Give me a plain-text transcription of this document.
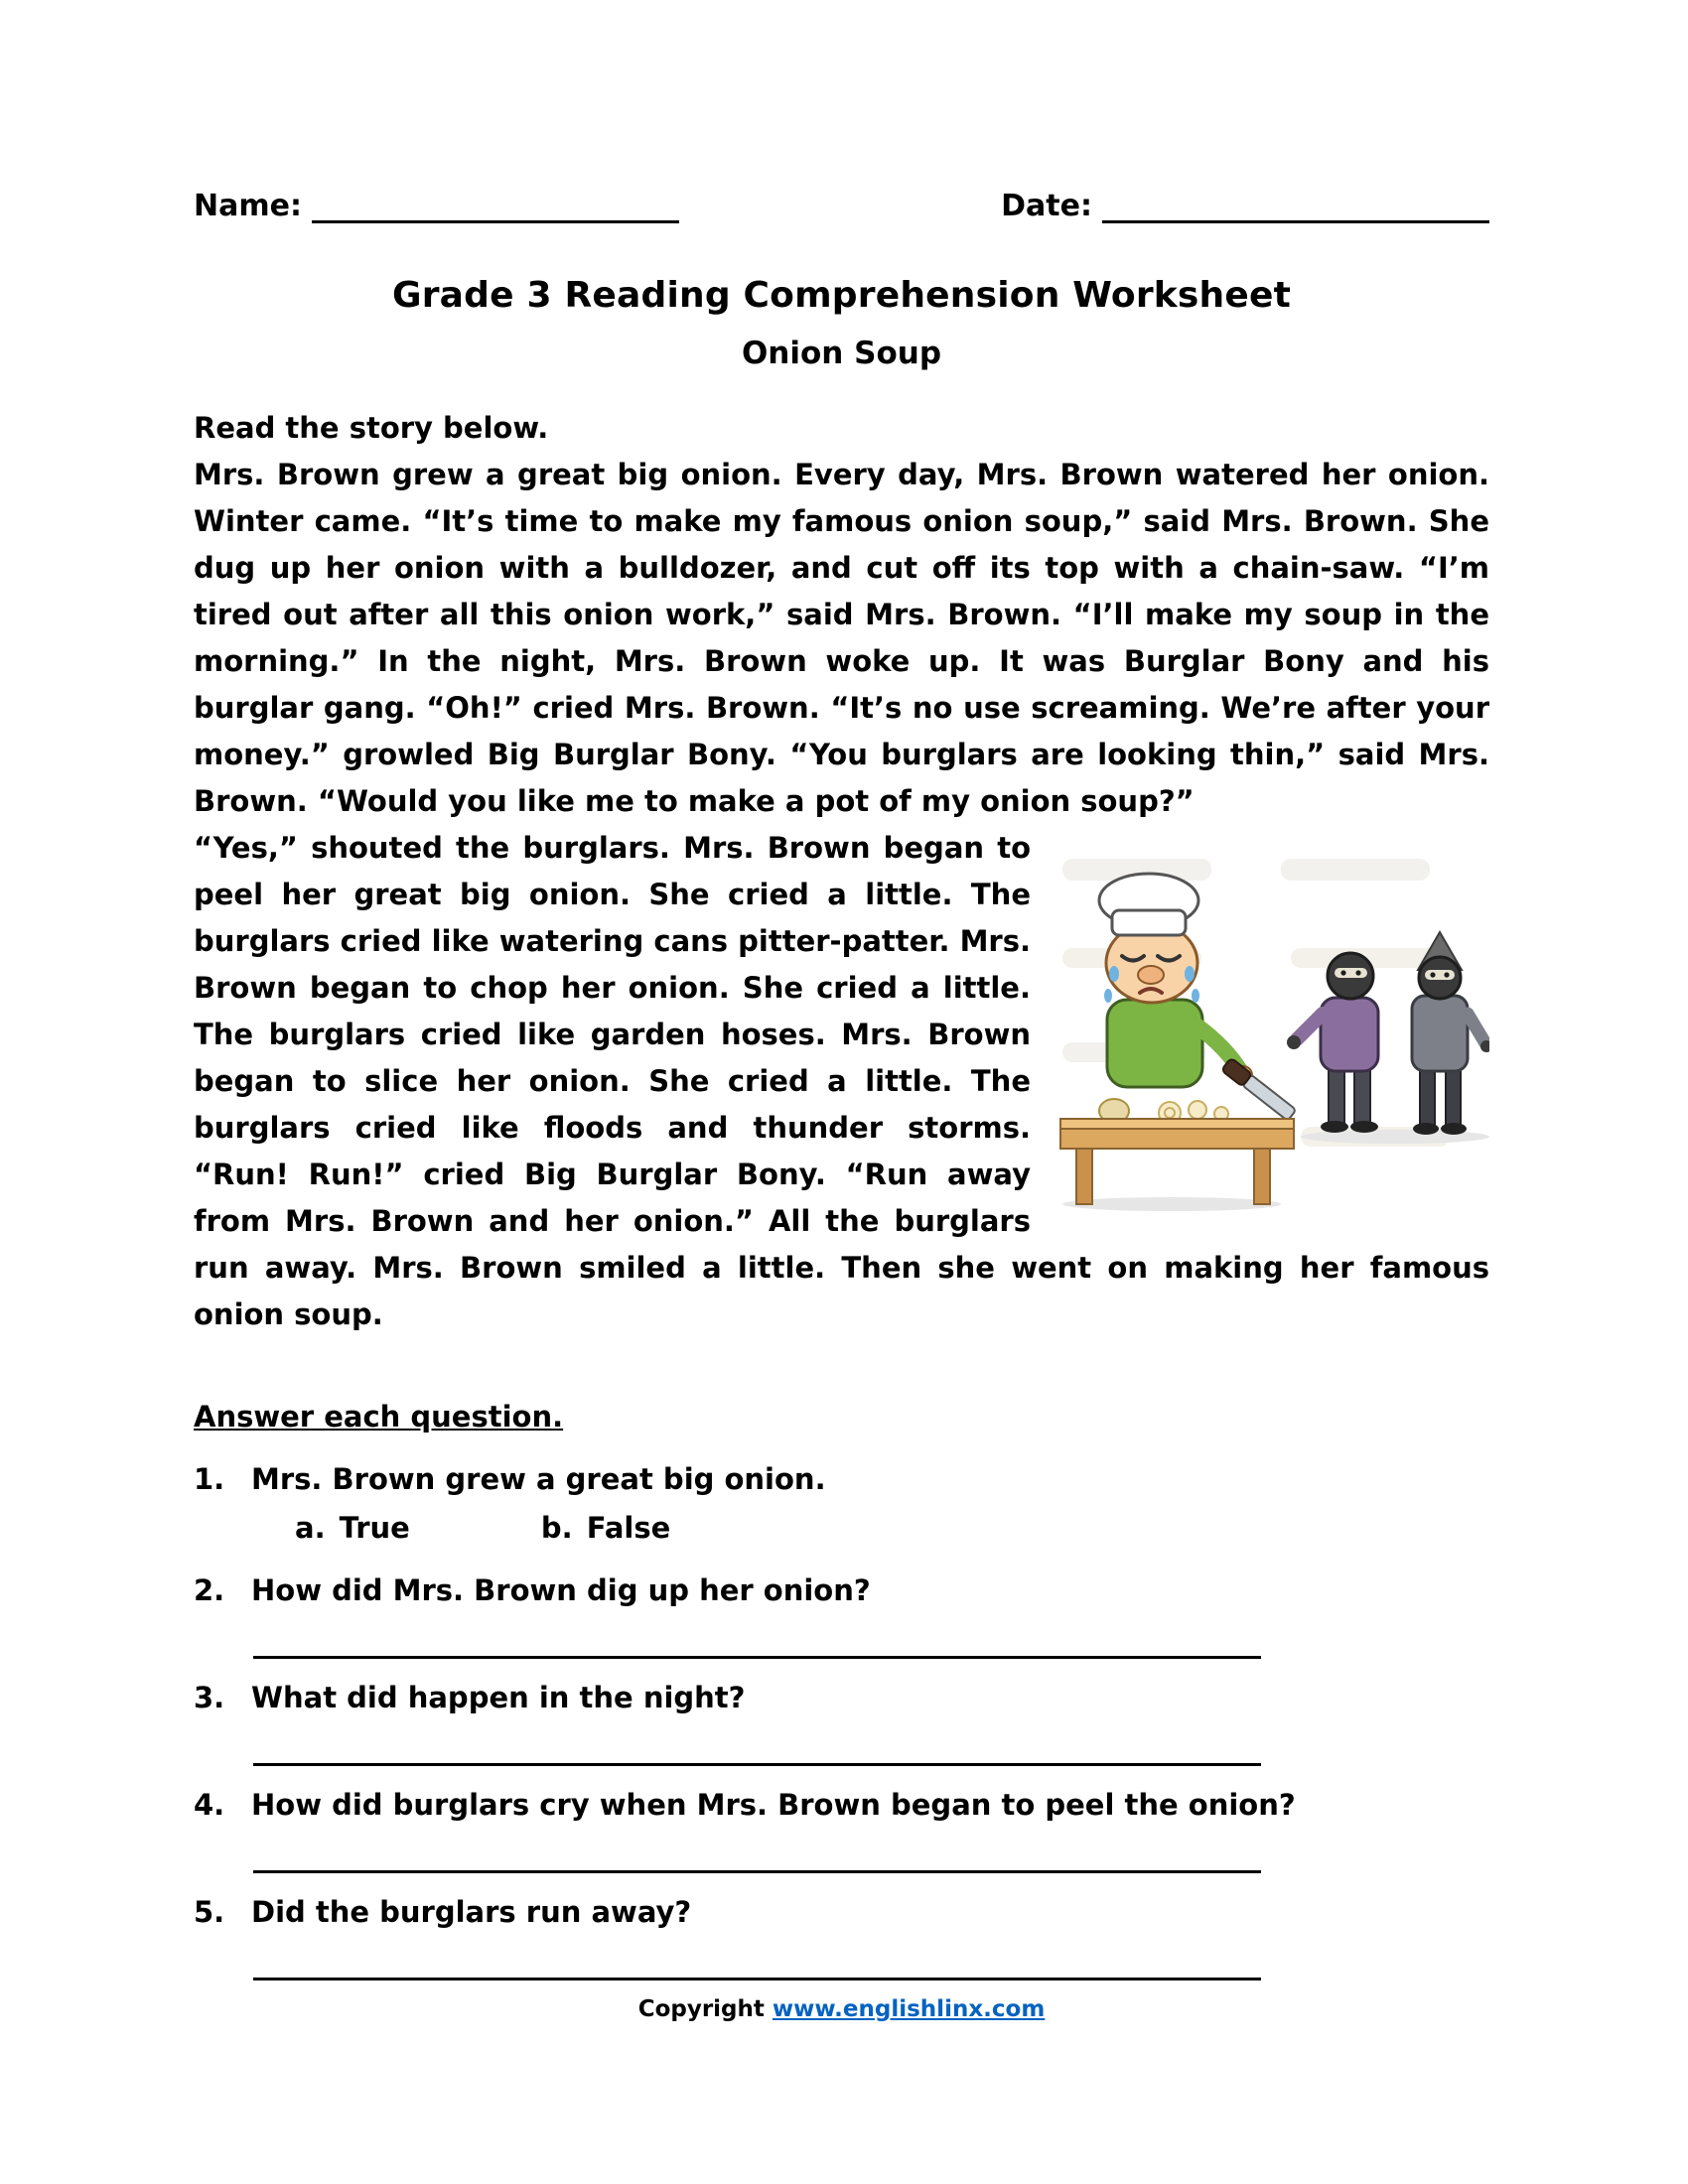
Name:	Date:
Grade 3 Reading Comprehension Worksheet
Onion Soup
Read the story below.

Mrs. Brown grew a great big onion. Every day, Mrs. Brown watered her onion. Winter came. “It’s time to make my famous onion soup,” said Mrs. Brown. She dug up her onion with a bulldozer, and cut off its top with a chain-saw. “I’m tired out after all this onion work,” said Mrs. Brown. “I’ll make my soup in the morning.” In the night, Mrs. Brown woke up. It was Burglar Bony and his burglar gang. “Oh!” cried Mrs. Brown. “It’s no use screaming. We’re after your money.” growled Big Burglar Bony. “You burglars are looking thin,” said Mrs. Brown. “Would you like me to make a pot of my onion soup?”

“Yes,” shouted the burglars. Mrs. Brown began to peel her great big onion. She cried a little. The burglars cried like watering cans pitter-patter. Mrs. Brown began to chop her onion. She cried a little. The burglars cried like garden hoses. Mrs. Brown began to slice her onion. She cried a little. The burglars cried like floods and thunder storms. “Run! Run!” cried Big Burglar Bony. “Run away from Mrs. Brown and her onion.” All the burglars run away. Mrs. Brown smiled a little. Then she went on making her famous onion soup.

Answer each question.
1. Mrs. Brown grew a great big onion.
a. True	b. False
2. How did Mrs. Brown dig up her onion?
3. What did happen in the night?
4. How did burglars cry when Mrs. Brown began to peel the onion?
5. Did the burglars run away?
Copyright www.englishlinx.com
